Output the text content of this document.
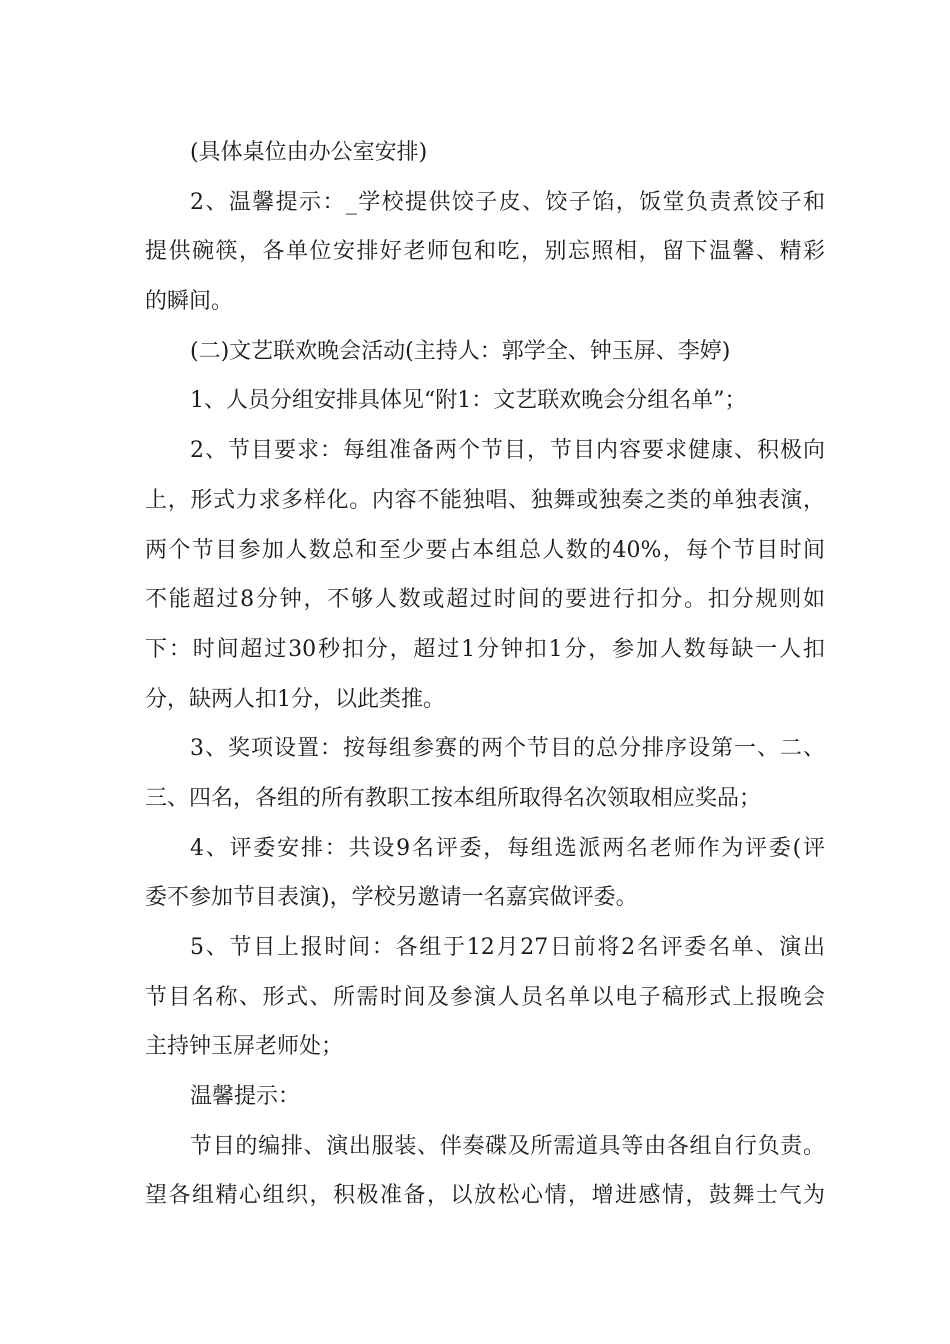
(具体桌位由办公室安排)
2、温馨提示：_学校提供饺子皮、饺子馅，饭堂负责煮饺子和
提供碗筷，各单位安排好老师包和吃，别忘照相，留下温馨、精彩
的瞬间。
(二)文艺联欢晚会活动(主持人：郭学全、钟玉屏、李婷)
1、人员分组安排具体见“附1：文艺联欢晚会分组名单”；
2、节目要求：每组准备两个节目，节目内容要求健康、积极向
上，形式力求多样化。内容不能独唱、独舞或独奏之类的单独表演，
两个节目参加人数总和至少要占本组总人数的40%，每个节目时间
不能超过8分钟，不够人数或超过时间的要进行扣分。扣分规则如
下：时间超过30秒扣分，超过1分钟扣1分，参加人数每缺一人扣
分，缺两人扣1分，以此类推。
3、奖项设置：按每组参赛的两个节目的总分排序设第一、二、
三、四名，各组的所有教职工按本组所取得名次领取相应奖品；
4、评委安排：共设9名评委，每组选派两名老师作为评委(评
委不参加节目表演)，学校另邀请一名嘉宾做评委。
5、节目上报时间：各组于12月27日前将2名评委名单、演出
节目名称、形式、所需时间及参演人员名单以电子稿形式上报晚会
主持钟玉屏老师处；
温馨提示：
节目的编排、演出服装、伴奏碟及所需道具等由各组自行负责。
望各组精心组织，积极准备，以放松心情，增进感情，鼓舞士气为
